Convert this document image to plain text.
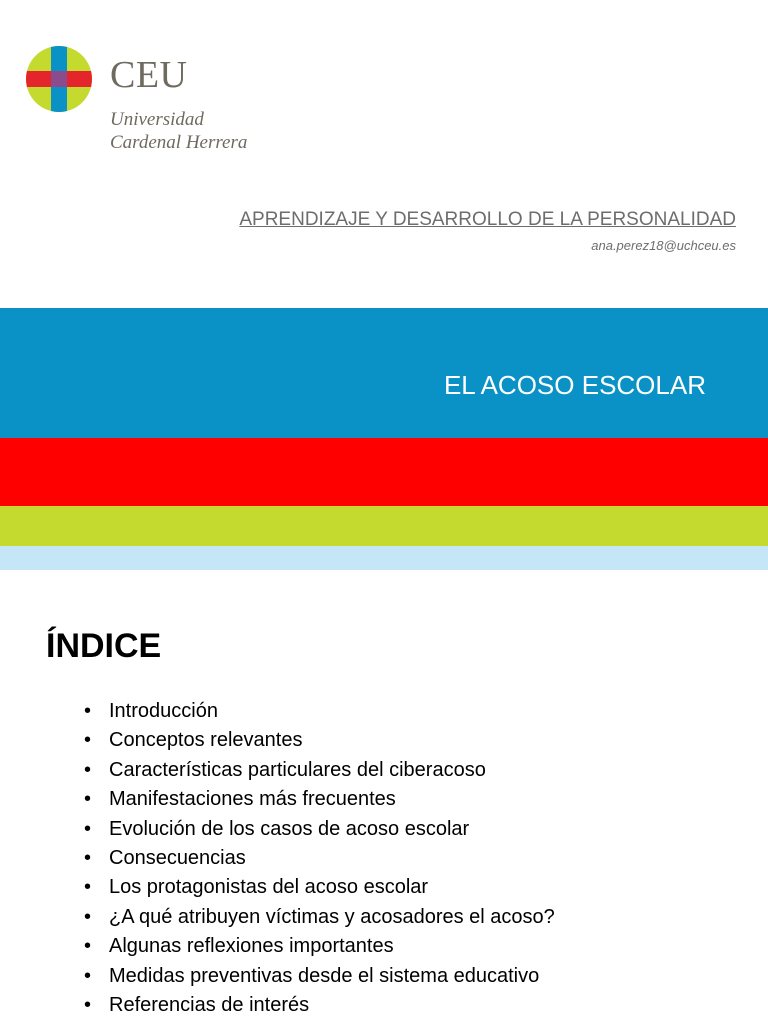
CEU
Universidad
Cardenal Herrera
APRENDIZAJE Y DESARROLLO DE LA PERSONALIDAD
ana.perez18@uchceu.es
EL ACOSO ESCOLAR
ÍNDICE
• Introducción
• Conceptos relevantes
• Características particulares del ciberacoso
• Manifestaciones más frecuentes
• Evolución de los casos de acoso escolar
• Consecuencias
• Los protagonistas del acoso escolar
• ¿A qué atribuyen víctimas y acosadores el acoso?
• Algunas reflexiones importantes
• Medidas preventivas desde el sistema educativo
• Referencias de interés
